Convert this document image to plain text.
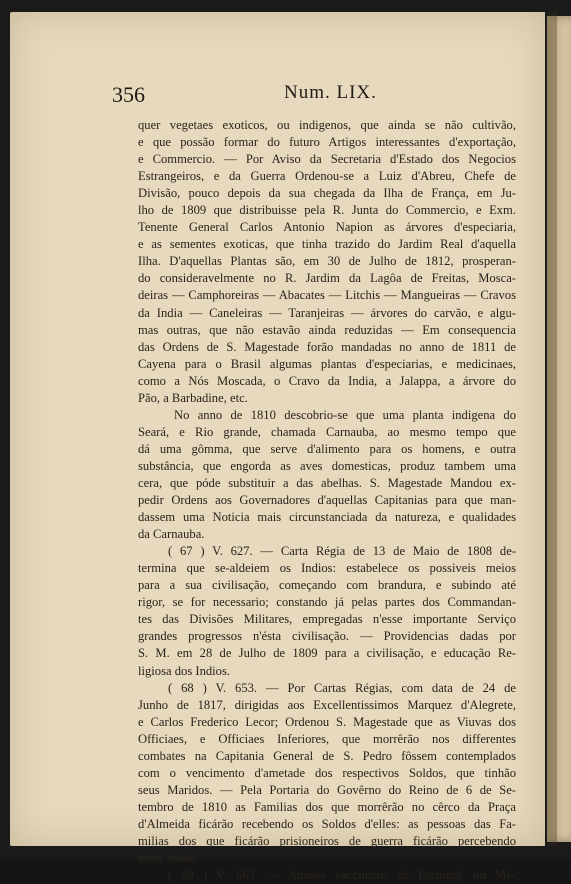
356	Num. LIX.
quer vegetaes exoticos, ou indigenos, que ainda se não cultivão,
e que possão formar do futuro Artigos interessantes d'exportação,
e Commercio. — Por Aviso da Secretaria d'Estado dos Negocios
Estrangeiros, e da Guerra Ordenou-se a Luiz d'Abreu, Chefe de
Divisão, pouco depois da sua chegada da Ilha de França, em Ju-
lho de 1809 que distribuisse pela R. Junta do Commercio, e Exm.
Tenente General Carlos Antonio Napion as árvores d'especiaria,
e as sementes exoticas, que tinha trazido do Jardim Real d'aquella
Ilha. D'aquellas Plantas são, em 30 de Julho de 1812, prosperan-
do consideravelmente no R. Jardim da Lagôa de Freitas, Mosca-
deiras — Camphoreiras — Abacates — Litchis — Mangueiras — Cravos
da India — Caneleiras — Taranjeiras — árvores do carvão, e algu-
mas outras, que não estavão ainda reduzidas — Em consequencia
das Ordens de S. Magestade forão mandadas no anno de 1811 de
Cayena para o Brasil algumas plantas d'especiarias, e medicinaes,
como a Nós Moscada, o Cravo da India, a Jalappa, a árvore do
Pão, a Barbadine, etc.
No anno de 1810 descobrio-se que uma planta indigena do
Seará, e Rio grande, chamada Carnauba, ao mesmo tempo que
dá uma gômma, que serve d'alimento para os homens, e outra
substância, que engorda as aves domesticas, produz tambem uma
cera, que póde substituir a das abelhas. S. Magestade Mandou ex-
pedir Ordens aos Governadores d'aquellas Capitanias para que man-
dassem uma Noticia mais circunstanciada da natureza, e qualidades
da Carnauba.
( 67 ) V. 627. — Carta Régia de 13 de Maio de 1808 de-
termina que se-aldeiem os Indios: estabelece os possiveis meios
para a sua civilisação, começando com brandura, e subindo até
rigor, se for necessario; constando já pelas partes dos Commandan-
tes das Divisões Militares, empregadas n'esse importante Serviço
grandes progressos n'ésta civilisação. — Providencias dadas por
S. M. em 28 de Julho de 1809 para a civilisação, e educação Re-
ligiosa dos Indios.
( 68 ) V. 653. — Por Cartas Régias, com data de 24 de
Junho de 1817, dirigidas aos Excellentissimos Marquez d'Alegrete,
e Carlos Frederico Lecor; Ordenou S. Magestade que as Viuvas dos
Officiaes, e Officiaes Inferiores, que morrêrão nos differentes
combates na Capitania General de S. Pedro fôssem contemplados
com o vencimento d'ametade dos respectivos Soldos, que tinhão
seus Maridos. — Pela Portaria do Govêrno do Reino de 6 de Se-
tembro de 1810 as Familias dos que morrêrão no cêrco da Praça
d'Almeida ficárão recebendo os Soldos d'elles: as pessoas das Fa-
milias dos que ficárão prisioneiros de guerra ficárão percebendo
meio Soldo.
( 69 ) V. 663. — Annaes vaccinicos de Portugal, ou Me-
